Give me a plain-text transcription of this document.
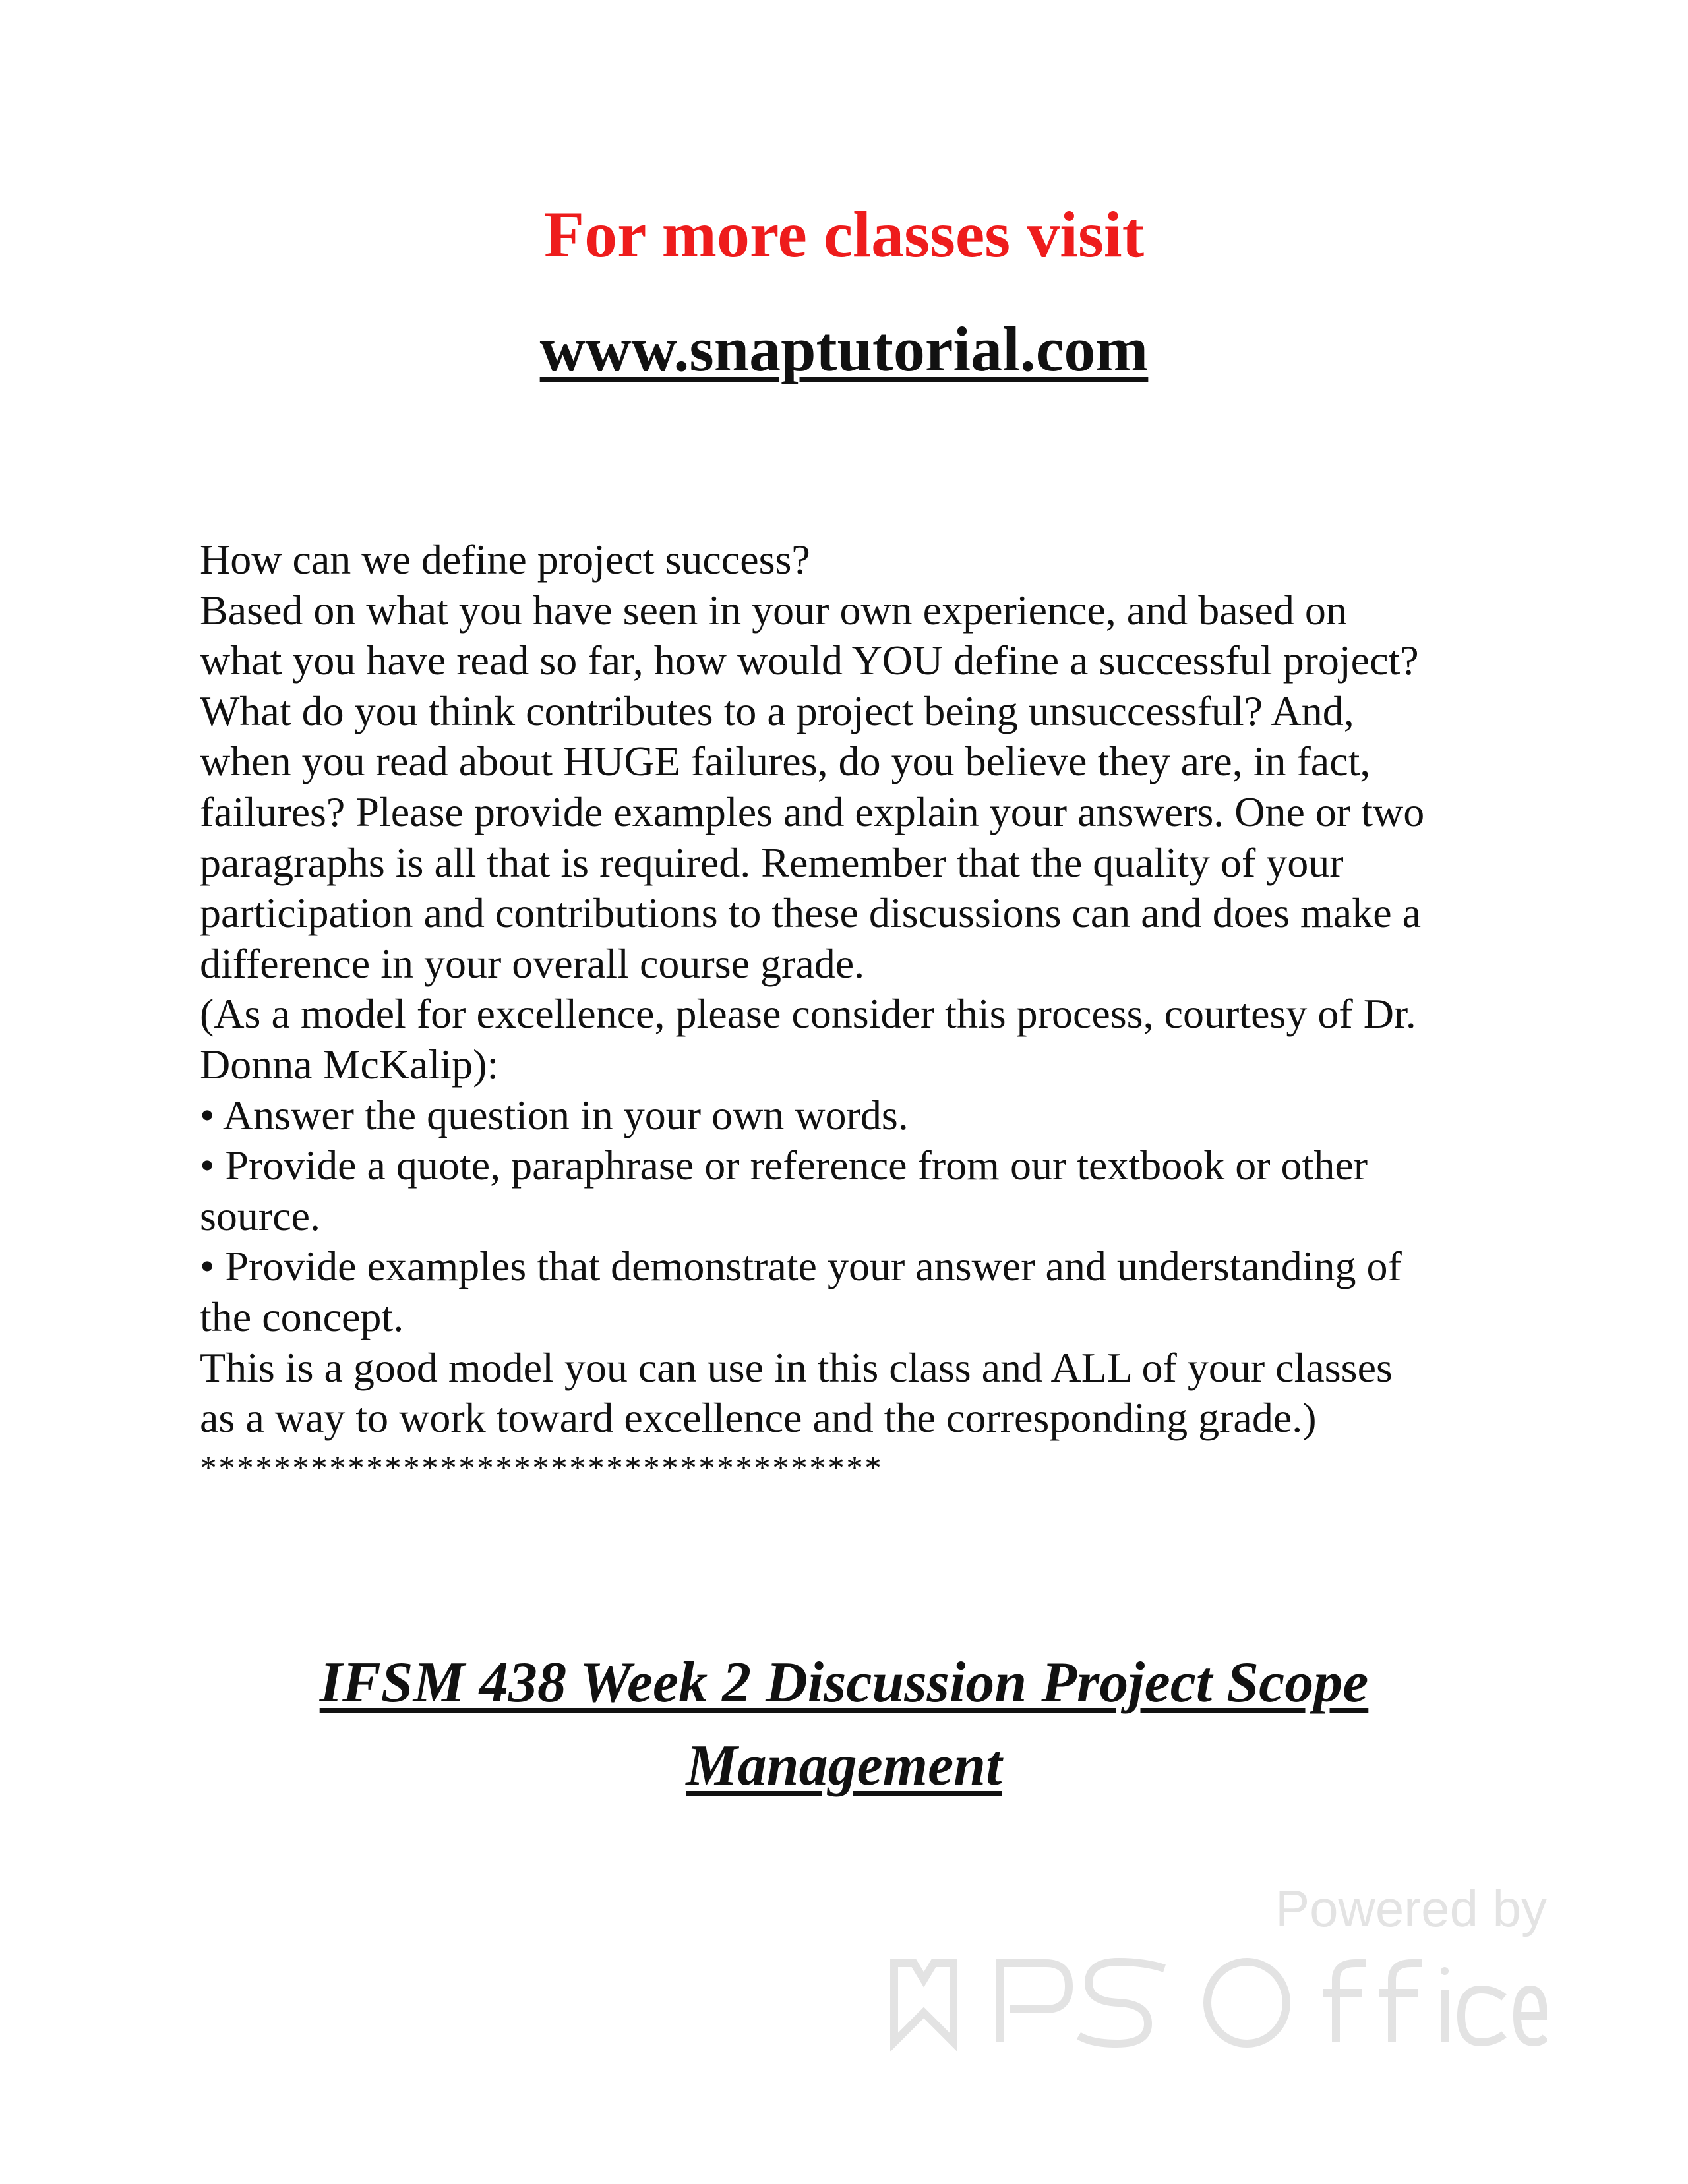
For more classes visit
www.snaptutorial.com
How can we define project success?
Based on what you have seen in your own experience, and based on
what you have read so far, how would YOU define a successful project?
What do you think contributes to a project being unsuccessful? And,
when you read about HUGE failures, do you believe they are, in fact,
failures? Please provide examples and explain your answers. One or two
paragraphs is all that is required. Remember that the quality of your
participation and contributions to these discussions can and does make a
difference in your overall course grade.
(As a model for excellence, please consider this process, courtesy of Dr.
Donna McKalip):
• Answer the question in your own words.
• Provide a quote, paraphrase or reference from our textbook or other
source.
• Provide examples that demonstrate your answer and understanding of
the concept.
This is a good model you can use in this class and ALL of your classes
as a way to work toward excellence and the corresponding grade.)
*************************************
IFSM 438 Week 2 Discussion Project Scope
Management
Powered by
